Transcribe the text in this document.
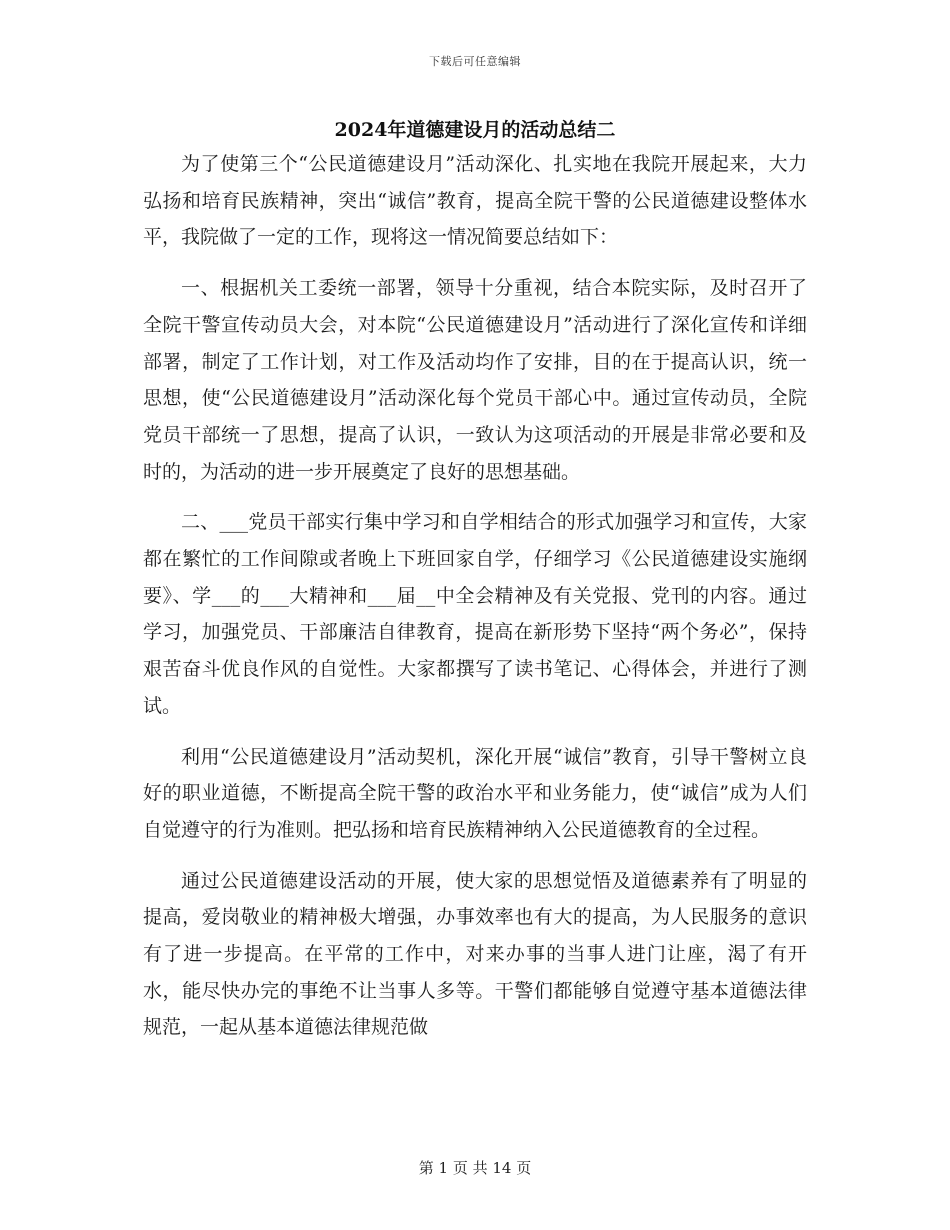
下载后可任意编辑
2024年道德建设月的活动总结二

为了使第三个“公民道德建设月”活动深化、扎实地在我院开展起来，大力弘扬和培育民族精神，突出“诚信”教育，提高全院干警的公民道德建设整体水平，我院做了一定的工作，现将这一情况简要总结如下：

一、根据机关工委统一部署，领导十分重视，结合本院实际，及时召开了全院干警宣传动员大会，对本院“公民道德建设月”活动进行了深化宣传和详细部署，制定了工作计划，对工作及活动均作了安排，目的在于提高认识，统一思想，使“公民道德建设月”活动深化每个党员干部心中。通过宣传动员，全院党员干部统一了思想，提高了认识，一致认为这项活动的开展是非常必要和及时的，为活动的进一步开展奠定了良好的思想基础。

二、___党员干部实行集中学习和自学相结合的形式加强学习和宣传，大家都在繁忙的工作间隙或者晚上下班回家自学，仔细学习《公民道德建设实施纲要》、学___的___大精神和___届__中全会精神及有关党报、党刊的内容。通过学习，加强党员、干部廉洁自律教育，提高在新形势下坚持“两个务必”，保持艰苦奋斗优良作风的自觉性。大家都撰写了读书笔记、心得体会，并进行了测试。

利用“公民道德建设月”活动契机，深化开展“诚信”教育，引导干警树立良好的职业道德，不断提高全院干警的政治水平和业务能力，使“诚信”成为人们自觉遵守的行为准则。把弘扬和培育民族精神纳入公民道德教育的全过程。

通过公民道德建设活动的开展，使大家的思想觉悟及道德素养有了明显的提高，爱岗敬业的精神极大增强，办事效率也有大的提高，为人民服务的意识有了进一步提高。在平常的工作中，对来办事的当事人进门让座，渴了有开水，能尽快办完的事绝不让当事人多等。干警们都能够自觉遵守基本道德法律规范，一起从基本道德法律规范做

第 1 页 共 14 页
